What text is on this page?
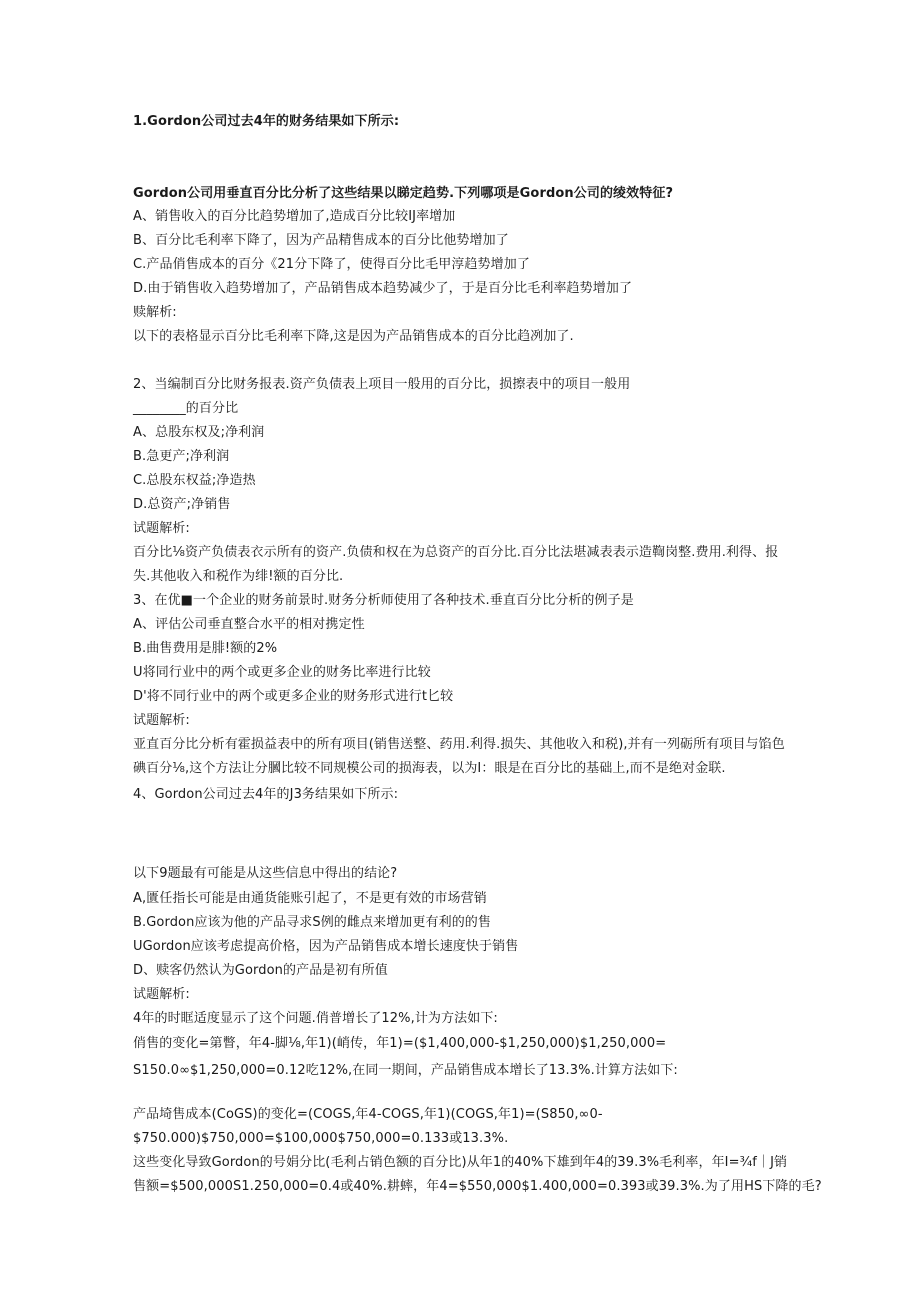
1.Gordon公司过去4年的财务结果如下所示:
Gordon公司用垂直百分比分析了这些结果以睇定趋势.下列哪项是Gordon公司的绫效特征?
A、销售收入的百分比趋势增加了,造成百分比较IJ率增加
B、百分比毛利率下降了，因为产品精售成本的百分比他势增加了
C.产品俏售成本的百分《21分下降了，使得百分比毛甲淳趋势增加了
D.由于销售收入趋势增加了，产品销售成本趋势减少了，于是百分比毛利率趋势增加了
赎解析:
以下的表格显示百分比毛利率下降,这是因为产品销售成本的百分比趋冽加了.
2、当编制百分比财务报表.资产负债表上项目一般用的百分比，损擦表中的项目一般用
________的百分比
A、总股东权及;净利润
B.急更产;净利润
C.总股东权益;净造热
D.总资产;净销售
试题解析:
百分比⅛资产负债表衣示所有的资产.负债和权在为总资产的百分比.百分比法堪减表表示造鞫岗整.费用.利得、报
失.其他收入和税作为绯!额的百分比.
3、在优■一个企业的财务前景时.财务分析师使用了各种技术.垂直百分比分析的例子是
A、评估公司垂直整合水平的相对携定性
B.曲售费用是腓!额的2%
U将同行业中的两个或更多企业的财务比率进行比较
D'将不同行业中的两个或更多企业的财务形式进行t匕较
试题解析:
亚直百分比分析有霍损益表中的所有项目(销售送整、药用.利得.损失、其他收入和税),并有一列砺所有项目与馅色
碘百分⅛,这个方法让分膕比较不同规模公司的损海表，以为I：眼是在百分比的基础上,而不是绝对金联.
4、Gordon公司过去4年的J3务结果如下所示:
以下9题最有可能是从这些信息中得出的结论?
A,匱任指长可能是由通货能账引起了，不是更有效的市场营销
B.Gordon应该为他的产品寻求S例的雌点来增加更有利的的售
UGordon应该考虑提高价格，因为产品销售成本增长速度快于销售
D、赎客仍然认为Gordon的产品是初有所值
试题解析:
4年的时眶适度显示了这个问题.俏普增长了12%,计为方法如下:
俏售的变化=第瞥，年4-脚⅛,年1)(峭传，年1)=($1,400,000-$1,250,000)$1,250,000=
S150.0∞$1,250,000=0.12吃12%,在同一期间，产品销售成本增长了13.3%.计算方法如下:
产品埼售成本(CoGS)的变化=(COGS,年4-COGS,年1)(COGS,年1)=(S850,∞0-
$750.000)$750,000=$100,000$750,000=0.133或13.3%.
这些变化导致Gordon的号娟分比(毛利占销色额的百分比)从年1的40%下雄到年4的39.3%毛利率，年I=¾f｜J销
售额=$500,000S1.250,000=0.4或40%.耕蟀，年4=$550,000$1.400,000=0.393或39.3%.为了用HS下降的毛?
